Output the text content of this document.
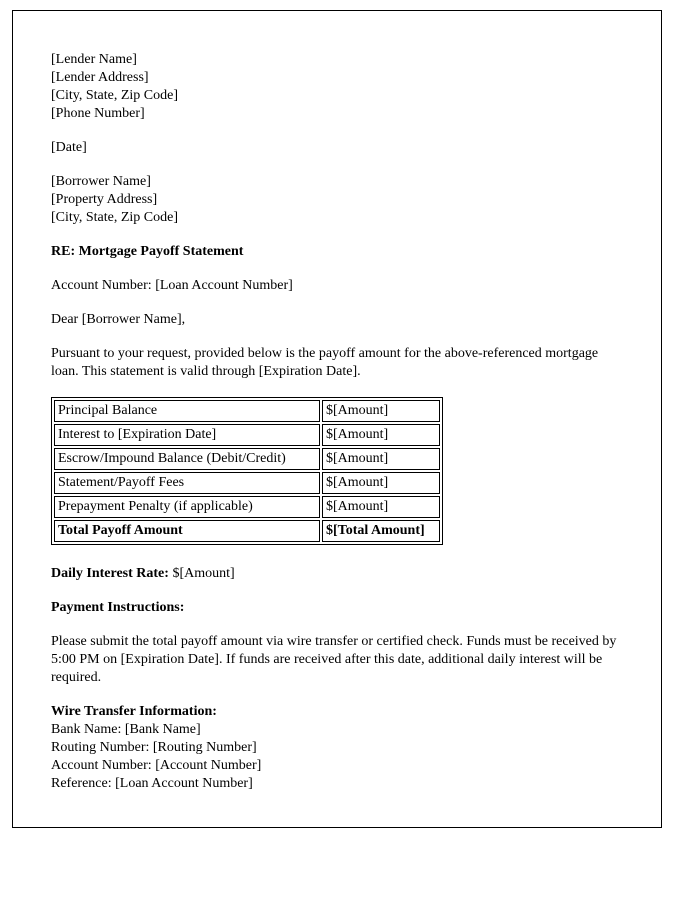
[Lender Name]
[Lender Address]
[City, State, Zip Code]
[Phone Number]

[Date]

[Borrower Name]
[Property Address]
[City, State, Zip Code]

RE: Mortgage Payoff Statement

Account Number: [Loan Account Number]

Dear [Borrower Name],

Pursuant to your request, provided below is the payoff amount for the above-referenced mortgage loan. This statement is valid through [Expiration Date].

Principal Balance	$[Amount]
Interest to [Expiration Date]	$[Amount]
Escrow/Impound Balance (Debit/Credit)	$[Amount]
Statement/Payoff Fees	$[Amount]
Prepayment Penalty (if applicable)	$[Amount]
Total Payoff Amount	$[Total Amount]

Daily Interest Rate: $[Amount]

Payment Instructions:

Please submit the total payoff amount via wire transfer or certified check. Funds must be received by 5:00 PM on [Expiration Date]. If funds are received after this date, additional daily interest will be required.

Wire Transfer Information:
Bank Name: [Bank Name]
Routing Number: [Routing Number]
Account Number: [Account Number]
Reference: [Loan Account Number]
